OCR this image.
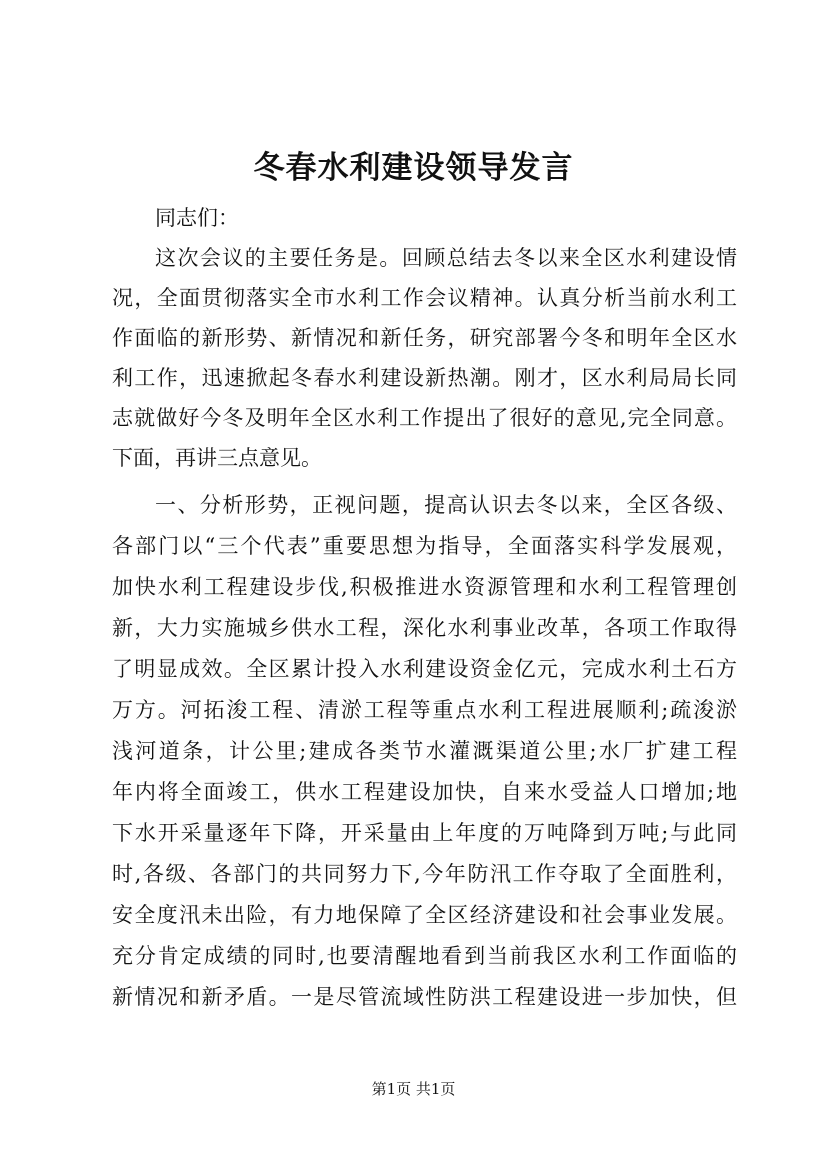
冬春水利建设领导发言
同志们：
这次会议的主要任务是。回顾总结去冬以来全区水利建设情
况，全面贯彻落实全市水利工作会议精神。认真分析当前水利工
作面临的新形势、新情况和新任务，研究部署今冬和明年全区水
利工作，迅速掀起冬春水利建设新热潮。刚才，区水利局局长同
志就做好今冬及明年全区水利工作提出了很好的意见,完全同意。
下面，再讲三点意见。
一、分析形势，正视问题，提高认识去冬以来，全区各级、
各部门以“三个代表”重要思想为指导，全面落实科学发展观，
加快水利工程建设步伐,积极推进水资源管理和水利工程管理创
新，大力实施城乡供水工程，深化水利事业改革，各项工作取得
了明显成效。全区累计投入水利建设资金亿元，完成水利土石方
万方。河拓浚工程、清淤工程等重点水利工程进展顺利;疏浚淤
浅河道条，计公里;建成各类节水灌溉渠道公里;水厂扩建工程
年内将全面竣工，供水工程建设加快，自来水受益人口增加;地
下水开采量逐年下降，开采量由上年度的万吨降到万吨;与此同
时,各级、各部门的共同努力下,今年防汛工作夺取了全面胜利，
安全度汛未出险，有力地保障了全区经济建设和社会事业发展。
充分肯定成绩的同时,也要清醒地看到当前我区水利工作面临的
新情况和新矛盾。一是尽管流域性防洪工程建设进一步加快，但
第1页 共1页
